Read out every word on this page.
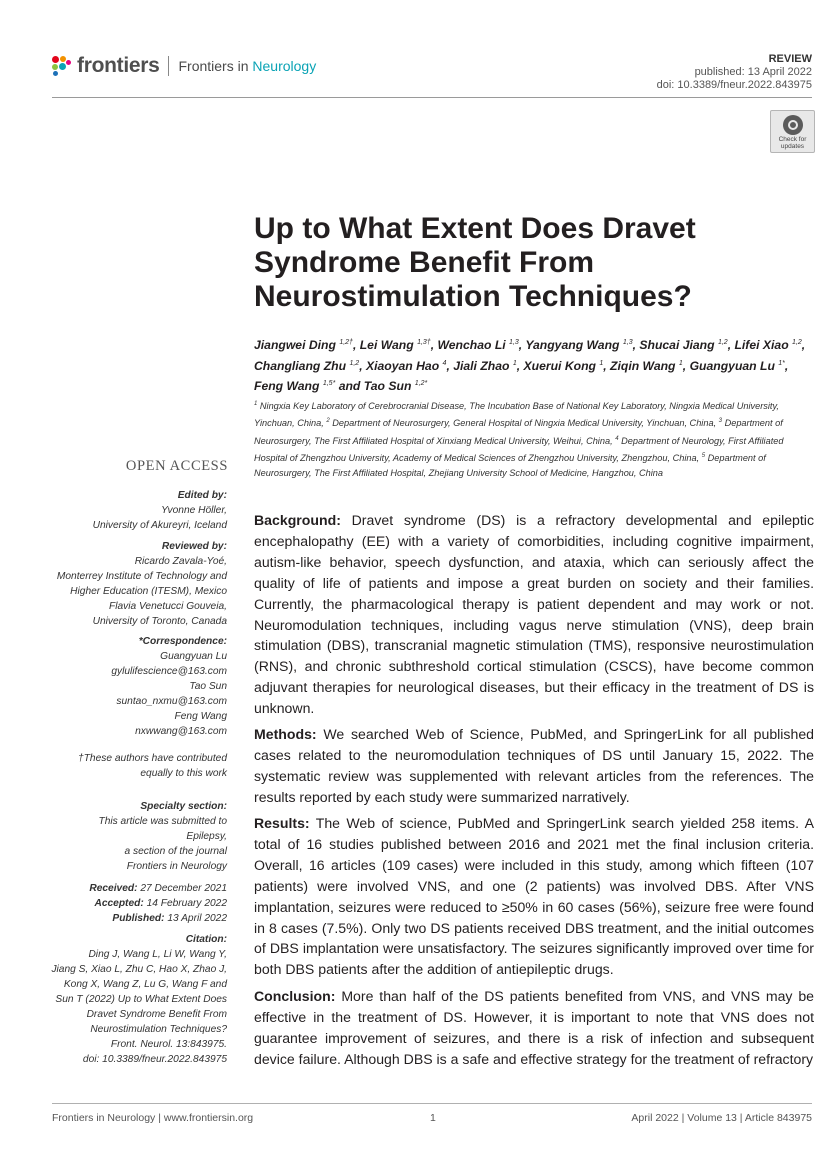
frontiers Frontiers in Neurology	REVIEW
published: 13 April 2022
doi: 10.3389/fneur.2022.843975
Check for
updates
Up to What Extent Does Dravet Syndrome Benefit From Neurostimulation Techniques?
Jiangwei Ding $^{1,2\dagger}$, Lei Wang $^{1,3\dagger}$, Wenchao Li $^{1,3}$, Yangyang Wang $^{1,3}$, Shucai Jiang $^{1,2}$, Lifei Xiao $^{1,2}$, Changliang Zhu $^{1,2}$, Xiaoyan Hao $^4$, Jiali Zhao $^1$, Xuerui Kong $^1$, Ziqin Wang $^1$, Guangyuan Lu $^{1*}$, Feng Wang $^{1,5*}$ and Tao Sun $^{1,2*}$
$^1$ Ningxia Key Laboratory of Cerebrocranial Disease, The Incubation Base of National Key Laboratory, Ningxia Medical University, Yinchuan, China, $^2$ Department of Neurosurgery, General Hospital of Ningxia Medical University, Yinchuan, China, $^3$ Department of Neurosurgery, The First Affiliated Hospital of Xinxiang Medical University, Weihui, China, $^4$ Department of Neurology, First Affiliated Hospital of Zhengzhou University, Academy of Medical Sciences of Zhengzhou University, Zhengzhou, China, $^5$ Department of Neurosurgery, The First Affiliated Hospital, Zhejiang University School of Medicine, Hangzhou, China
OPEN ACCESS
Edited by:
Yvonne Höller,
University of Akureyri, Iceland
Reviewed by:
Ricardo Zavala-Yoé,
Monterrey Institute of Technology and
Higher Education (ITESM), Mexico
Flavia Venetucci Gouveia,
University of Toronto, Canada
*Correspondence:
Guangyuan Lu
gylulifescience@163.com
Tao Sun
suntao_nxmu@163.com
Feng Wang
nxwwang@163.com
†These authors have contributed
equally to this work
Specialty section:
This article was submitted to
Epilepsy,
a section of the journal
Frontiers in Neurology
Received: 27 December 2021
Accepted: 14 February 2022
Published: 13 April 2022
Citation:
Ding J, Wang L, Li W, Wang Y,
Jiang S, Xiao L, Zhu C, Hao X, Zhao J,
Kong X, Wang Z, Lu G, Wang F and
Sun T (2022) Up to What Extent Does
Dravet Syndrome Benefit From
Neurostimulation Techniques?
Front. Neurol. 13:843975.
doi: 10.3389/fneur.2022.843975
Background: Dravet syndrome (DS) is a refractory developmental and epileptic encephalopathy (EE) with a variety of comorbidities, including cognitive impairment, autism-like behavior, speech dysfunction, and ataxia, which can seriously affect the quality of life of patients and impose a great burden on society and their families. Currently, the pharmacological therapy is patient dependent and may work or not. Neuromodulation techniques, including vagus nerve stimulation (VNS), deep brain stimulation (DBS), transcranial magnetic stimulation (TMS), responsive neurostimulation (RNS), and chronic subthreshold cortical stimulation (CSCS), have become common adjuvant therapies for neurological diseases, but their efficacy in the treatment of DS is unknown.
Methods: We searched Web of Science, PubMed, and SpringerLink for all published cases related to the neuromodulation techniques of DS until January 15, 2022. The systematic review was supplemented with relevant articles from the references. The results reported by each study were summarized narratively.
Results: The Web of science, PubMed and SpringerLink search yielded 258 items. A total of 16 studies published between 2016 and 2021 met the final inclusion criteria. Overall, 16 articles (109 cases) were included in this study, among which fifteen (107 patients) were involved VNS, and one (2 patients) was involved DBS. After VNS implantation, seizures were reduced to ≥50% in 60 cases (56%), seizure free were found in 8 cases (7.5%). Only two DS patients received DBS treatment, and the initial outcomes of DBS implantation were unsatisfactory. The seizures significantly improved over time for both DBS patients after the addition of antiepileptic drugs.
Conclusion: More than half of the DS patients benefited from VNS, and VNS may be effective in the treatment of DS. However, it is important to note that VNS does not guarantee improvement of seizures, and there is a risk of infection and subsequent device failure. Although DBS is a safe and effective strategy for the treatment of refractory
Frontiers in Neurology | www.frontiersin.org	1	April 2022 | Volume 13 | Article 843975
